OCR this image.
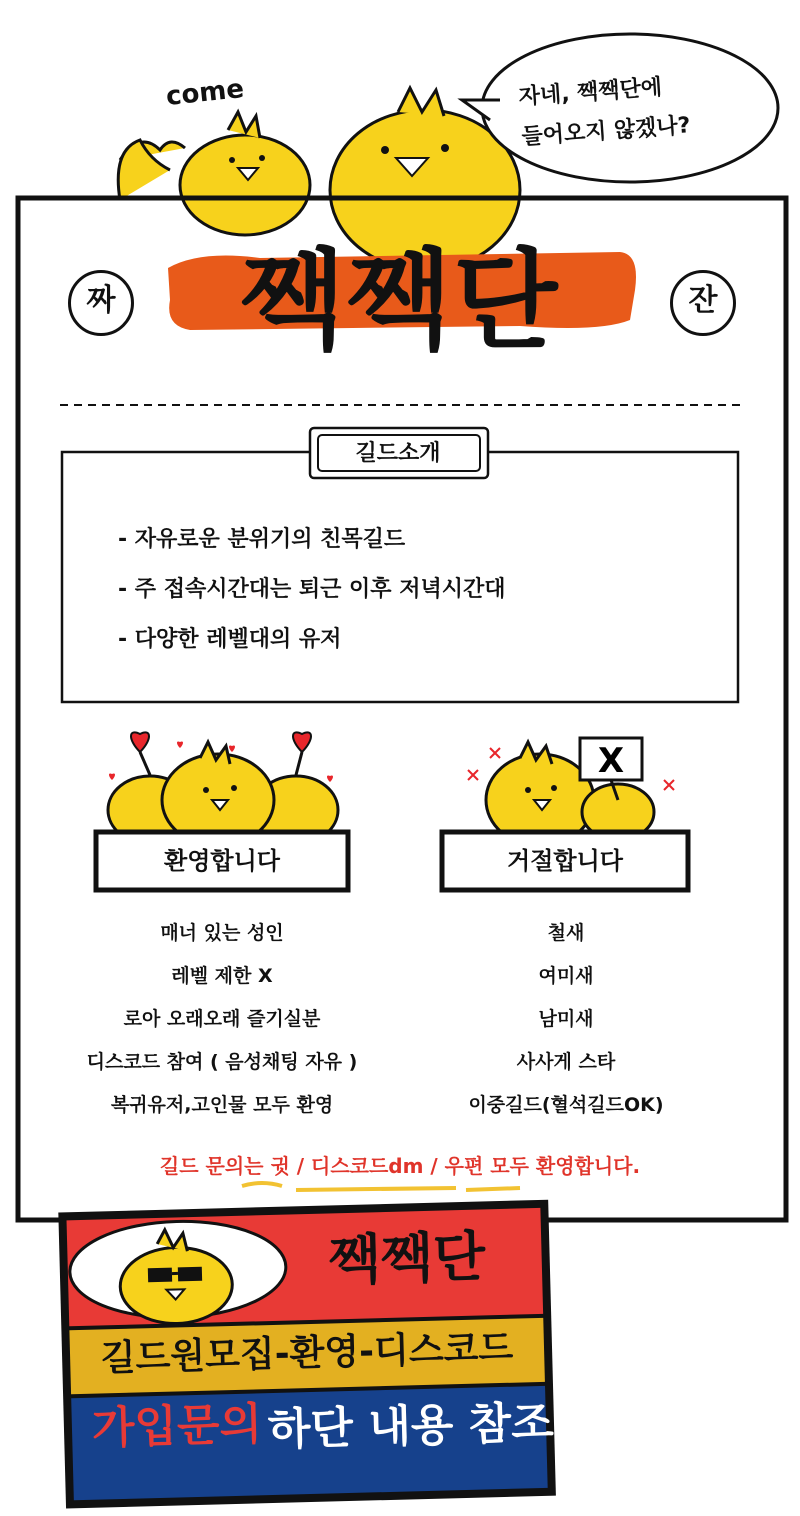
X
come	자네, 짹짹단에
들어오지 않겠나?
짜	짹짹단	잔
길드소개
- 자유로운 분위기의 친목길드
- 주 접속시간대는 퇴근 이후 저녁시간대
- 다양한 레벨대의 유저
환영합니다
매너 있는 성인
레벨 제한 X
로아 오래오래 즐기실분
디스코드 참여 ( 음성채팅 자유 )
복귀유저,고인물 모두 환영
거절합니다
철새
여미새
남미새
사사게 스타
이중길드(혈석길드OK)
길드 문의는 귓 / 디스코드dm / 우편 모두 환영합니다.
짹짹단
길드원모집-환영-디스코드
가입문의 하단 내용 참조
